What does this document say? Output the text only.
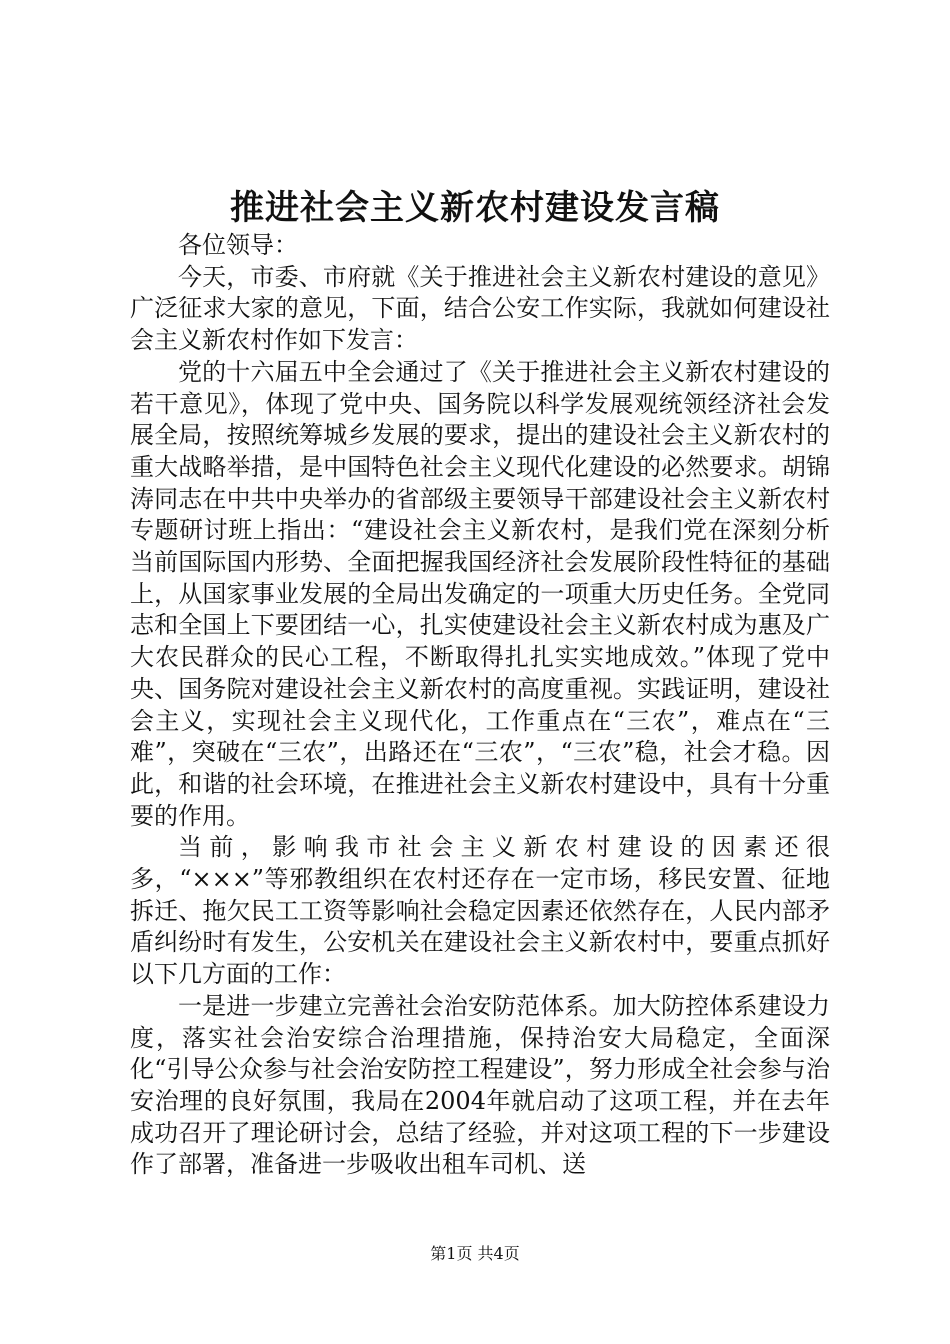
推进社会主义新农村建设发言稿

各位领导：

今天，市委、市府就《关于推进社会主义新农村建设的意见》广泛征求大家的意见，下面，结合公安工作实际，我就如何建设社会主义新农村作如下发言：

党的十六届五中全会通过了《关于推进社会主义新农村建设的若干意见》，体现了党中央、国务院以科学发展观统领经济社会发展全局，按照统筹城乡发展的要求，提出的建设社会主义新农村的重大战略举措，是中国特色社会主义现代化建设的必然要求。胡锦涛同志在中共中央举办的省部级主要领导干部建设社会主义新农村专题研讨班上指出：“建设社会主义新农村，是我们党在深刻分析当前国际国内形势、全面把握我国经济社会发展阶段性特征的基础上，从国家事业发展的全局出发确定的一项重大历史任务。全党同志和全国上下要团结一心，扎实使建设社会主义新农村成为惠及广大农民群众的民心工程，不断取得扎扎实实地成效。”体现了党中央、国务院对建设社会主义新农村的高度重视。实践证明，建设社会主义，实现社会主义现代化，工作重点在“三农”，难点在“三难”，突破在“三农”，出路还在“三农”，“三农”稳，社会才稳。因此，和谐的社会环境，在推进社会主义新农村建设中，具有十分重要的作用。

当前，影响我市社会主义新农村建设的因素还很多，“×××”等邪教组织在农村还存在一定市场，移民安置、征地拆迁、拖欠民工工资等影响社会稳定因素还依然存在，人民内部矛盾纠纷时有发生，公安机关在建设社会主义新农村中，要重点抓好以下几方面的工作：

一是进一步建立完善社会治安防范体系。加大防控体系建设力度，落实社会治安综合治理措施，保持治安大局稳定，全面深化“引导公众参与社会治安防控工程建设”，努力形成全社会参与治安治理的良好氛围，我局在2004年就启动了这项工程，并在去年成功召开了理论研讨会，总结了经验，并对这项工程的下一步建设作了部署，准备进一步吸收出租车司机、送

第1页 共4页
